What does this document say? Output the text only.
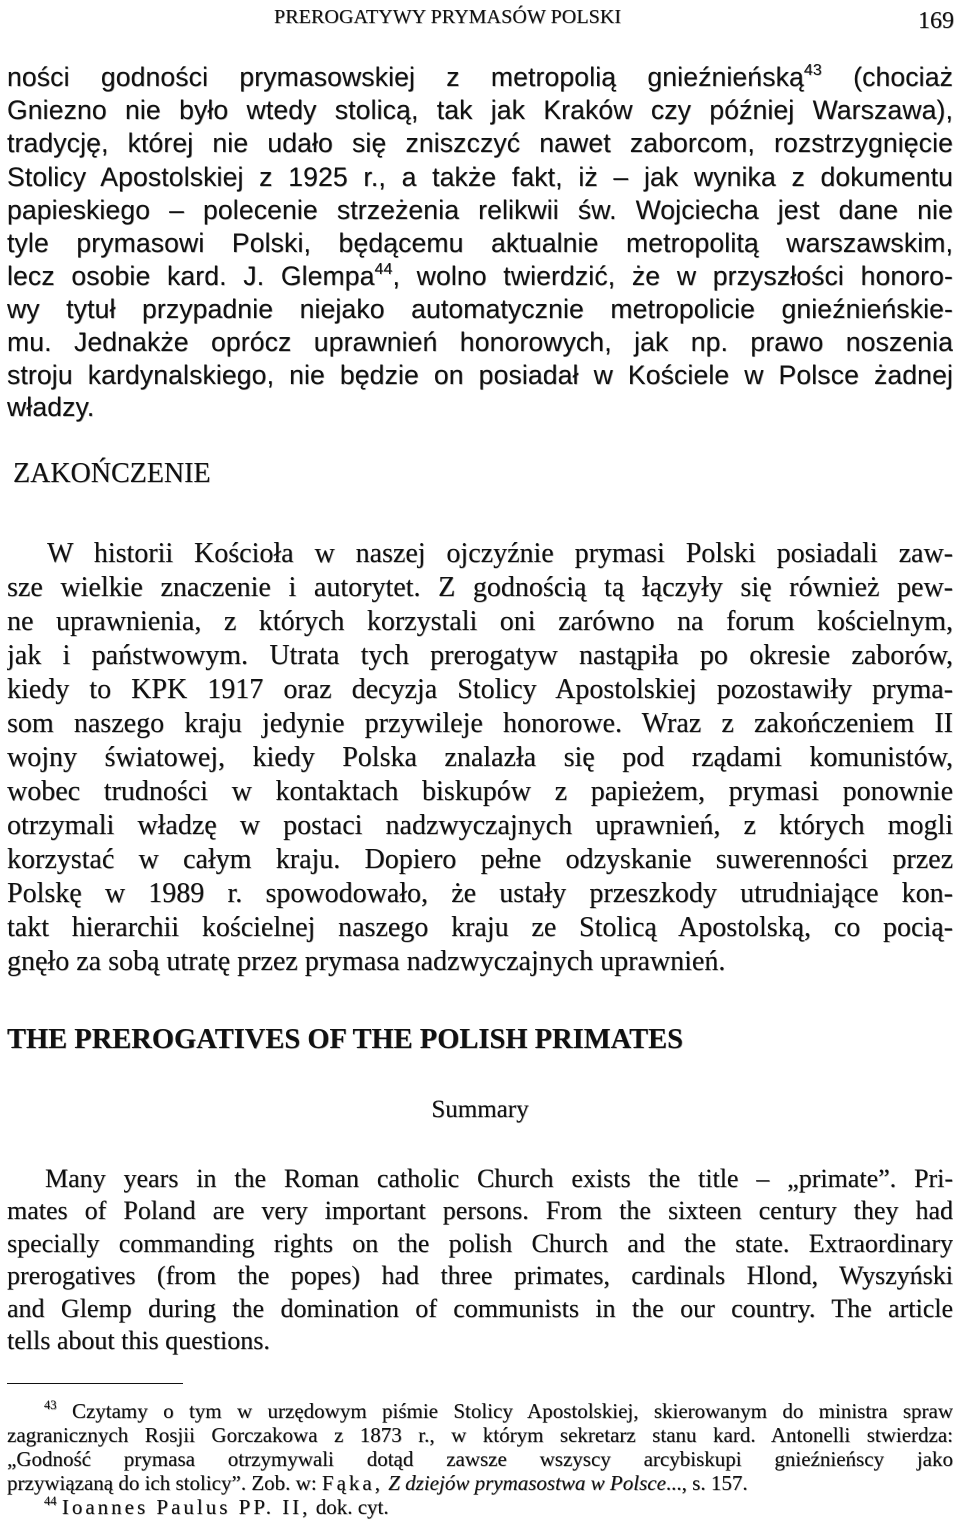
PREROGATYWY PRYMASÓW POLSKI	169
ności godności prymasowskiej z metropolią gnieźnieńską$^{43}$ (chociaż
Gniezno nie było wtedy stolicą, tak jak Kraków czy później Warszawa),
tradycję, której nie udało się zniszczyć nawet zaborcom, rozstrzygnięcie
Stolicy Apostolskiej z 1925 r., a także fakt, iż – jak wynika z dokumentu
papieskiego – polecenie strzeżenia relikwii św. Wojciecha jest dane nie
tyle prymasowi Polski, będącemu aktualnie metropolitą warszawskim,
lecz osobie kard. J. Glempa$^{44}$, wolno twierdzić, że w przyszłości honoro-
wy tytuł przypadnie niejako automatycznie metropolicie gnieźnieńskie-
mu. Jednakże oprócz uprawnień honorowych, jak np. prawo noszenia
stroju kardynalskiego, nie będzie on posiadał w Kościele w Polsce żadnej
władzy.
ZAKOŃCZENIE
W historii Kościoła w naszej ojczyźnie prymasi Polski posiadali zaw-
sze wielkie znaczenie i autorytet. Z godnością tą łączyły się również pew-
ne uprawnienia, z których korzystali oni zarówno na forum kościelnym,
jak i państwowym. Utrata tych prerogatyw nastąpiła po okresie zaborów,
kiedy to KPK 1917 oraz decyzja Stolicy Apostolskiej pozostawiły pryma-
som naszego kraju jedynie przywileje honorowe. Wraz z zakończeniem II
wojny światowej, kiedy Polska znalazła się pod rządami komunistów,
wobec trudności w kontaktach biskupów z papieżem, prymasi ponownie
otrzymali władzę w postaci nadzwyczajnych uprawnień, z których mogli
korzystać w całym kraju. Dopiero pełne odzyskanie suwerenności przez
Polskę w 1989 r. spowodowało, że ustały przeszkody utrudniające kon-
takt hierarchii kościelnej naszego kraju ze Stolicą Apostolską, co pocią-
gnęło za sobą utratę przez prymasa nadzwyczajnych uprawnień.
THE PREROGATIVES OF THE POLISH PRIMATES
Summary
Many years in the Roman catholic Church exists the title – „primate”. Pri-
mates of Poland are very important persons. From the sixteen century they had
specially commanding rights on the polish Church and the state. Extraordinary
prerogatives (from the popes) had three primates, cardinals Hlond, Wyszyński
and Glemp during the domination of communists in the our country. The article
tells about this questions.
$^{43}$ Czytamy o tym w urzędowym piśmie Stolicy Apostolskiej, skierowanym do ministra spraw
zagranicznych Rosjii Gorczakowa z 1873 r., w którym sekretarz stanu kard. Antonelli stwierdza:
„Godność prymasa otrzymywali dotąd zawsze wszyscy arcybiskupi gnieźnieńscy jako
przywiązaną do ich stolicy”. Zob. w: Fąka, Z dziejów prymasostwa w Polsce..., s. 157.
$^{44}$ Ioannes Paulus PP. II, dok. cyt.
